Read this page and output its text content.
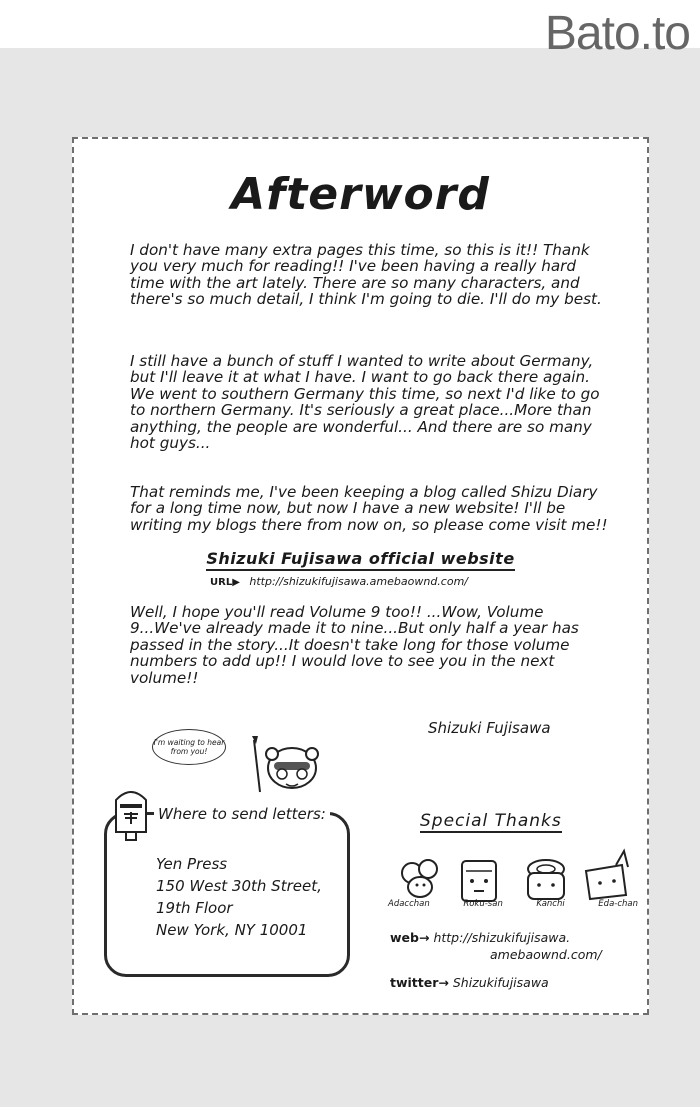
Bato.to
Afterword
I don't have many extra pages this time, so this is it!! Thank you very much for reading!! I've been having a really hard time with the art lately. There are so many characters, and there's so much detail, I think I'm going to die. I'll do my best.
I still have a bunch of stuff I wanted to write about Germany, but I'll leave it at what I have. I want to go back there again. We went to southern Germany this time, so next I'd like to go to northern Germany. It's seriously a great place...More than anything, the people are wonderful... And there are so many hot guys...
That reminds me, I've been keeping a blog called Shizu Diary for a long time now, but now I have a new website! I'll be writing my blogs there from now on, so please come visit me!!
Shizuki Fujisawa official website
URL▶ http://shizukifujisawa.amebaownd.com/
Well, I hope you'll read Volume 9 too!! ...Wow, Volume 9...We've already made it to nine...But only half a year has passed in the story...It doesn't take long for those volume numbers to add up!! I would love to see you in the next volume!!
Shizuki Fujisawa
I'm waiting to hear from you!
Where to send letters:
Yen Press
150 West 30th Street,
19th Floor
New York, NY 10001
Special Thanks
Adacchan	Roku-san	Kanchi	Eda-chan
web→ http://shizukifujisawa.
amebaownd.com/
twitter→ Shizukifujisawa
